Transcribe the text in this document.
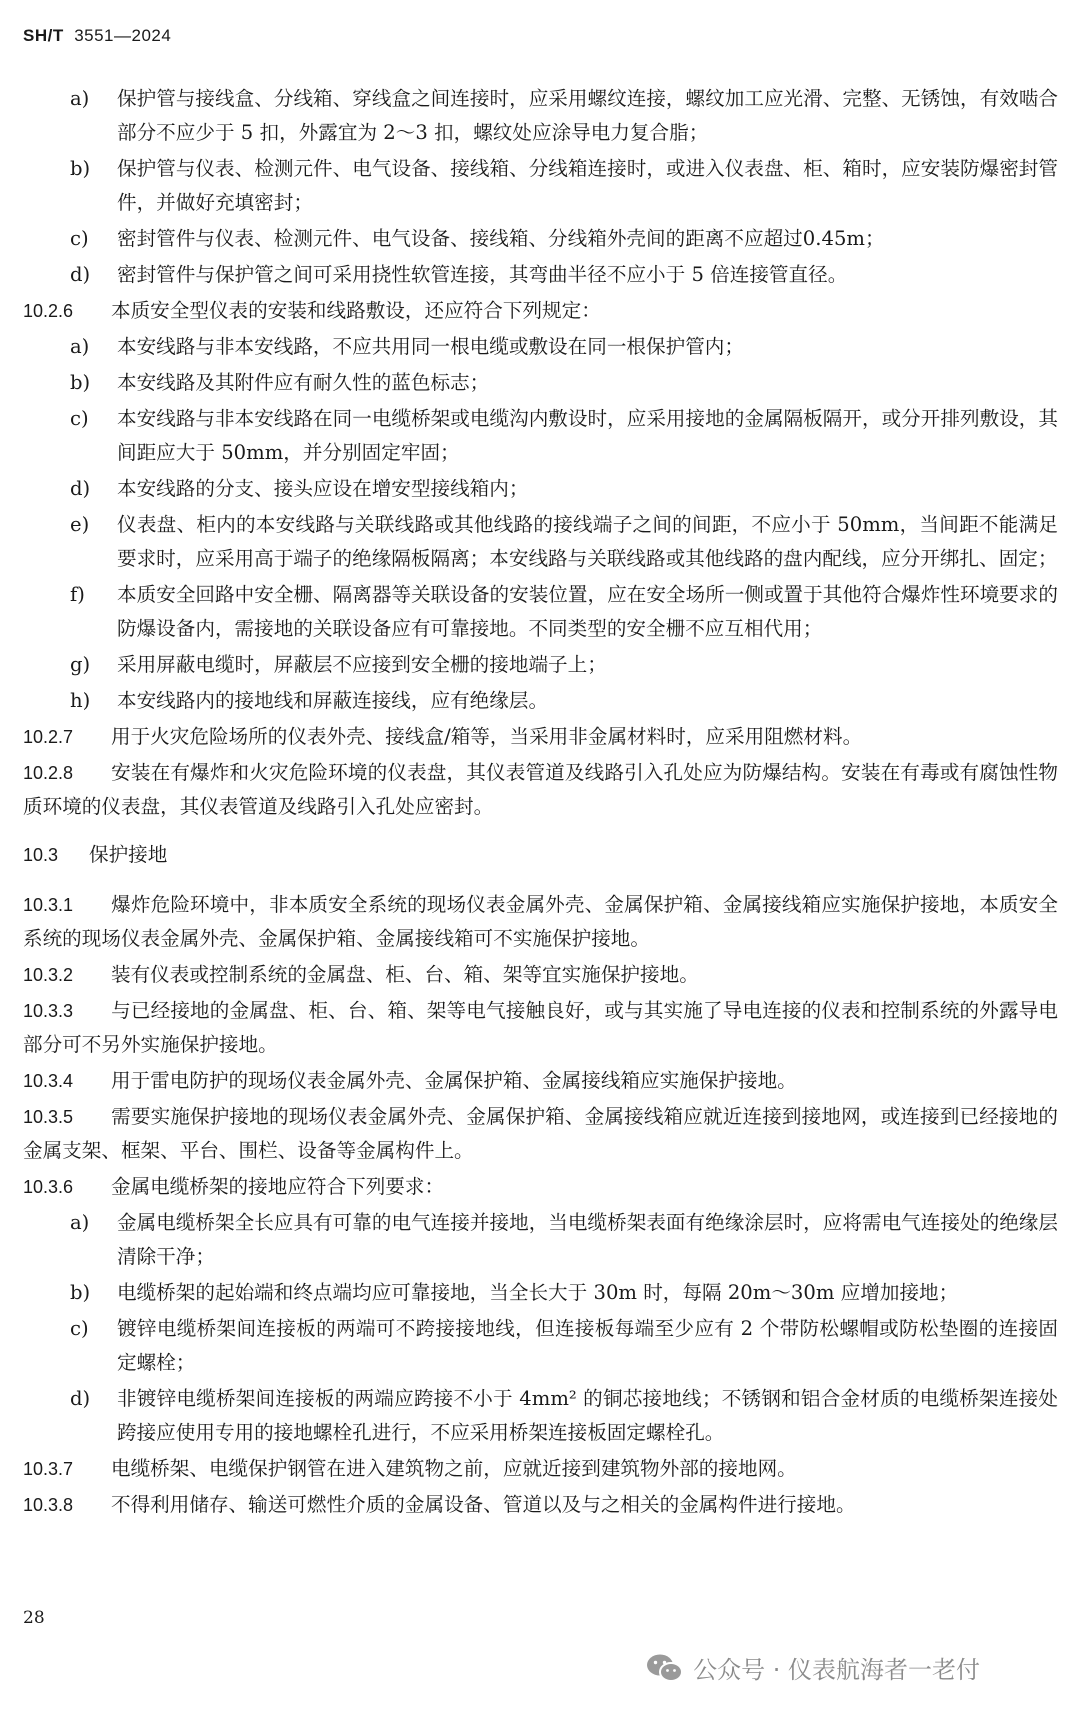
SH/T 3551—2024
a)	保护管与接线盒、分线箱、穿线盒之间连接时，应采用螺纹连接，螺纹加工应光滑、完整、无锈蚀，有效啮合部分不应少于 5 扣，外露宜为 2～3 扣，螺纹处应涂导电力复合脂；
b)	保护管与仪表、检测元件、电气设备、接线箱、分线箱连接时，或进入仪表盘、柜、箱时，应安装防爆密封管件，并做好充填密封；
c)	密封管件与仪表、检测元件、电气设备、接线箱、分线箱外壳间的距离不应超过0.45m；
d)	密封管件与保护管之间可采用挠性软管连接，其弯曲半径不应小于 5 倍连接管直径。
10.2.6 本质安全型仪表的安装和线路敷设，还应符合下列规定：
a)	本安线路与非本安线路，不应共用同一根电缆或敷设在同一根保护管内；
b)	本安线路及其附件应有耐久性的蓝色标志；
c)	本安线路与非本安线路在同一电缆桥架或电缆沟内敷设时，应采用接地的金属隔板隔开，或分开排列敷设，其间距应大于 50mm，并分别固定牢固；
d)	本安线路的分支、接头应设在增安型接线箱内；
e)	仪表盘、柜内的本安线路与关联线路或其他线路的接线端子之间的间距，不应小于 50mm，当间距不能满足要求时，应采用高于端子的绝缘隔板隔离；本安线路与关联线路或其他线路的盘内配线，应分开绑扎、固定；
f)	本质安全回路中安全栅、隔离器等关联设备的安装位置，应在安全场所一侧或置于其他符合爆炸性环境要求的防爆设备内，需接地的关联设备应有可靠接地。不同类型的安全栅不应互相代用；
g)	采用屏蔽电缆时，屏蔽层不应接到安全栅的接地端子上；
h)	本安线路内的接地线和屏蔽连接线，应有绝缘层。
10.2.7 用于火灾危险场所的仪表外壳、接线盒/箱等，当采用非金属材料时，应采用阻燃材料。
10.2.8 安装在有爆炸和火灾危险环境的仪表盘，其仪表管道及线路引入孔处应为防爆结构。安装在有毒或有腐蚀性物质环境的仪表盘，其仪表管道及线路引入孔处应密封。
10.3 保护接地
10.3.1 爆炸危险环境中，非本质安全系统的现场仪表金属外壳、金属保护箱、金属接线箱应实施保护接地，本质安全系统的现场仪表金属外壳、金属保护箱、金属接线箱可不实施保护接地。
10.3.2 装有仪表或控制系统的金属盘、柜、台、箱、架等宜实施保护接地。
10.3.3 与已经接地的金属盘、柜、台、箱、架等电气接触良好，或与其实施了导电连接的仪表和控制系统的外露导电部分可不另外实施保护接地。
10.3.4 用于雷电防护的现场仪表金属外壳、金属保护箱、金属接线箱应实施保护接地。
10.3.5 需要实施保护接地的现场仪表金属外壳、金属保护箱、金属接线箱应就近连接到接地网，或连接到已经接地的金属支架、框架、平台、围栏、设备等金属构件上。
10.3.6 金属电缆桥架的接地应符合下列要求：
a)	金属电缆桥架全长应具有可靠的电气连接并接地，当电缆桥架表面有绝缘涂层时，应将需电气连接处的绝缘层清除干净；
b)	电缆桥架的起始端和终点端均应可靠接地，当全长大于 30m 时，每隔 20m～30m 应增加接地；
c)	镀锌电缆桥架间连接板的两端可不跨接接地线，但连接板每端至少应有 2 个带防松螺帽或防松垫圈的连接固定螺栓；
d)	非镀锌电缆桥架间连接板的两端应跨接不小于 4mm² 的铜芯接地线；不锈钢和铝合金材质的电缆桥架连接处跨接应使用专用的接地螺栓孔进行，不应采用桥架连接板固定螺栓孔。
10.3.7 电缆桥架、电缆保护钢管在进入建筑物之前，应就近接到建筑物外部的接地网。
10.3.8 不得利用储存、输送可燃性介质的金属设备、管道以及与之相关的金属构件进行接地。
28
公众号 · 仪表航海者一老付
